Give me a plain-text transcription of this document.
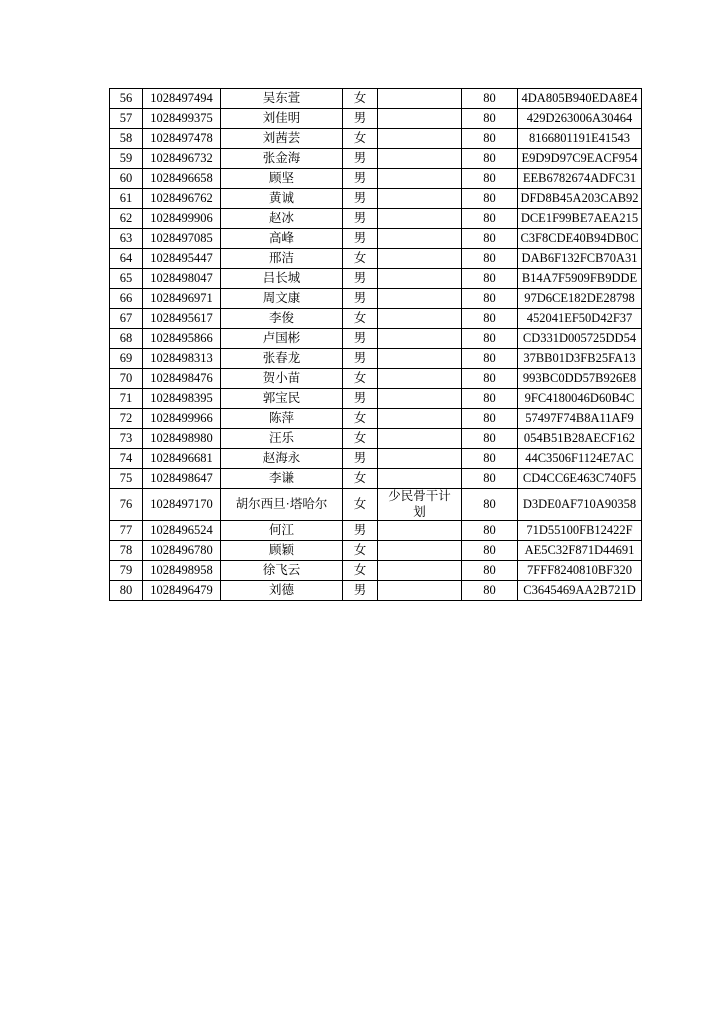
56	1028497494	吴东萱	女		80	4DA805B940EDA8E4
57	1028499375	刘佳明	男		80	429D263006A30464
58	1028497478	刘茜芸	女		80	8166801191E41543
59	1028496732	张金海	男		80	E9D9D97C9EACF954
60	1028496658	顾坚	男		80	EEB6782674ADFC31
61	1028496762	黄诚	男		80	DFD8B45A203CAB92
62	1028499906	赵冰	男		80	DCE1F99BE7AEA215
63	1028497085	高峰	男		80	C3F8CDE40B94DB0C
64	1028495447	邢洁	女		80	DAB6F132FCB70A31
65	1028498047	吕长城	男		80	B14A7F5909FB9DDE
66	1028496971	周文康	男		80	97D6CE182DE28798
67	1028495617	李俊	女		80	452041EF50D42F37
68	1028495866	卢国彬	男		80	CD331D005725DD54
69	1028498313	张春龙	男		80	37BB01D3FB25FA13
70	1028498476	贺小苗	女		80	993BC0DD57B926E8
71	1028498395	郭宝民	男		80	9FC4180046D60B4C
72	1028499966	陈萍	女		80	57497F74B8A11AF9
73	1028498980	汪乐	女		80	054B51B28AECF162
74	1028496681	赵海永	男		80	44C3506F1124E7AC
75	1028498647	李谦	女		80	CD4CC6E463C740F5
76	1028497170	胡尔西旦·塔哈尔	女	少民骨干计划	80	D3DE0AF710A90358
77	1028496524	何江	男		80	71D55100FB12422F
78	1028496780	顾颖	女		80	AE5C32F871D44691
79	1028498958	徐飞云	女		80	7FFF8240810BF320
80	1028496479	刘德	男		80	C3645469AA2B721D
